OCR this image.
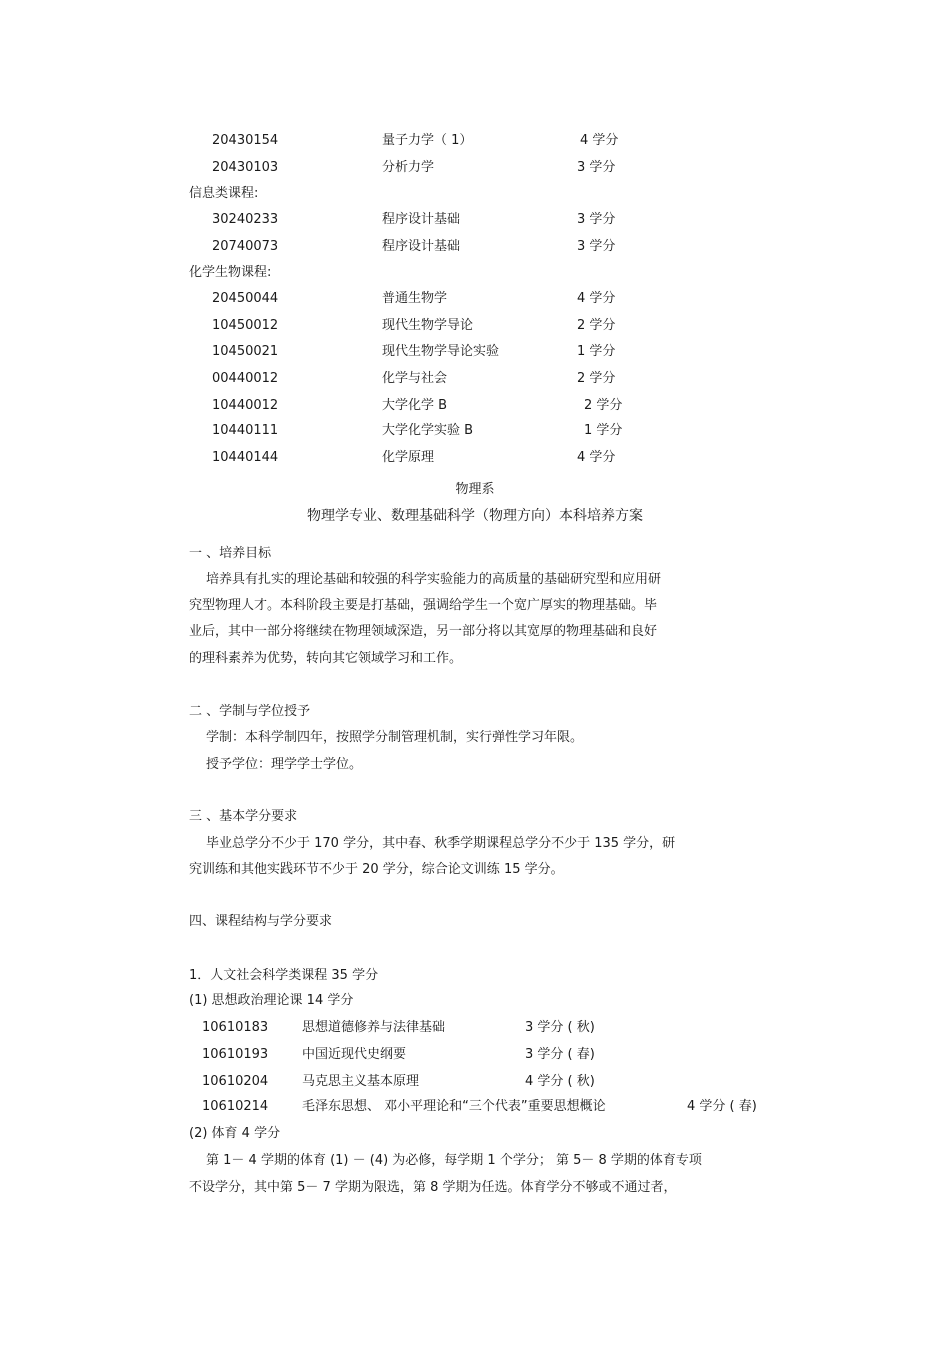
20430154	量子力学（ 1）	4 学分
20430103	分析力学	3 学分
信息类课程:
30240233	程序设计基础	3 学分
20740073	程序设计基础	3 学分
化学生物课程:
20450044	普通生物学	4 学分
10450012	现代生物学导论	2 学分
10450021	现代生物学导论实验	1 学分
00440012	化学与社会	2 学分
10440012	大学化学 B	2 学分
10440111	大学化学实验 B	1 学分
10440144	化学原理	4 学分
物理系
物理学专业、数理基础科学（物理方向）本科培养方案
一 、培养目标
培养具有扎实的理论基础和较强的科学实验能力的高质量的基础研究型和应用研
究型物理人才。本科阶段主要是打基础，强调给学生一个宽广厚实的物理基础。毕
业后，其中一部分将继续在物理领域深造，另一部分将以其宽厚的物理基础和良好
的理科素养为优势，转向其它领域学习和工作。
二 、学制与学位授予
学制：本科学制四年，按照学分制管理机制，实行弹性学习年限。
授予学位：理学学士学位。
三 、基本学分要求
毕业总学分不少于 170 学分，其中春、秋季学期课程总学分不少于 135 学分，研
究训练和其他实践环节不少于 20 学分，综合论文训练 15 学分。
四、课程结构与学分要求
1．人文社会科学类课程 35 学分
(1) 思想政治理论课 14 学分
10610183	思想道德修养与法律基础	3 学分 ( 秋)
10610193	中国近现代史纲要	3 学分 ( 春)
10610204	马克思主义基本原理	4 学分 ( 秋)
10610214	毛泽东思想、 邓小平理论和“三个代表”重要思想概论	4 学分 ( 春)
(2) 体育 4 学分
第 1－ 4 学期的体育 (1) － (4) 为必修，每学期 1 个学分； 第 5－ 8 学期的体育专项
不设学分，其中第 5－ 7 学期为限选，第 8 学期为任选。体育学分不够或不通过者，
